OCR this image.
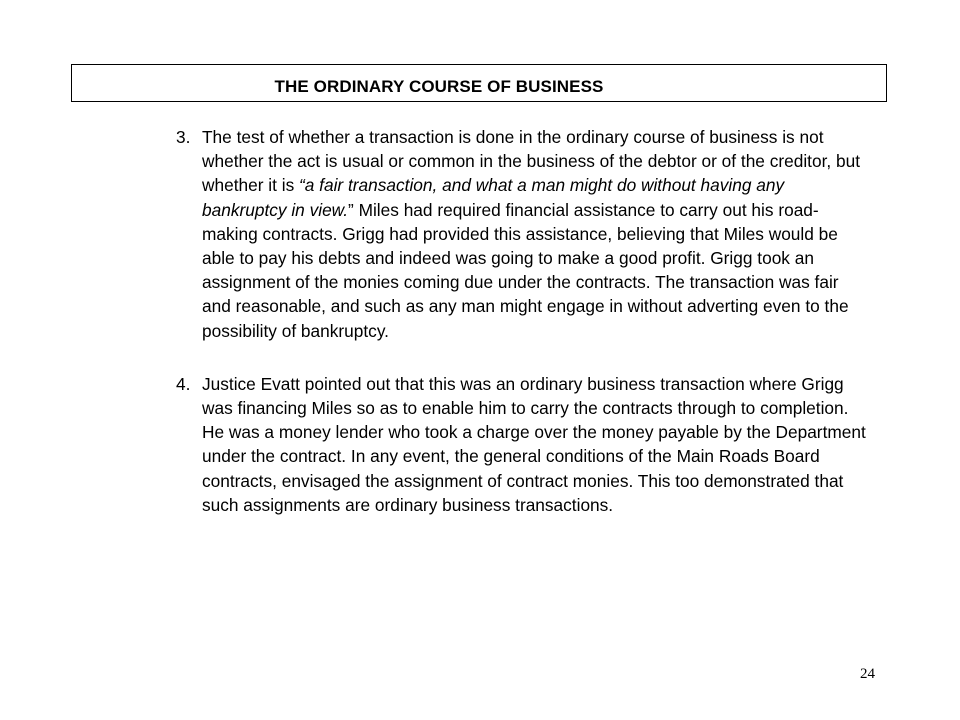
THE ORDINARY COURSE OF BUSINESS
3. The test of whether a transaction is done in the ordinary course of business is not whether the act is usual or common in the business of the debtor or of the creditor, but whether it is “a fair transaction, and what a man might do without having any bankruptcy in view.” Miles had required financial assistance to carry out his road-making contracts. Grigg had provided this assistance, believing that Miles would be able to pay his debts and indeed was going to make a good profit. Grigg took an assignment of the monies coming due under the contracts. The transaction was fair and reasonable, and such as any man might engage in without adverting even to the possibility of bankruptcy.
4. Justice Evatt pointed out that this was an ordinary business transaction where Grigg was financing Miles so as to enable him to carry the contracts through to completion. He was a money lender who took a charge over the money payable by the Department under the contract. In any event, the general conditions of the Main Roads Board contracts, envisaged the assignment of contract monies. This too demonstrated that such assignments are ordinary business transactions.
24
